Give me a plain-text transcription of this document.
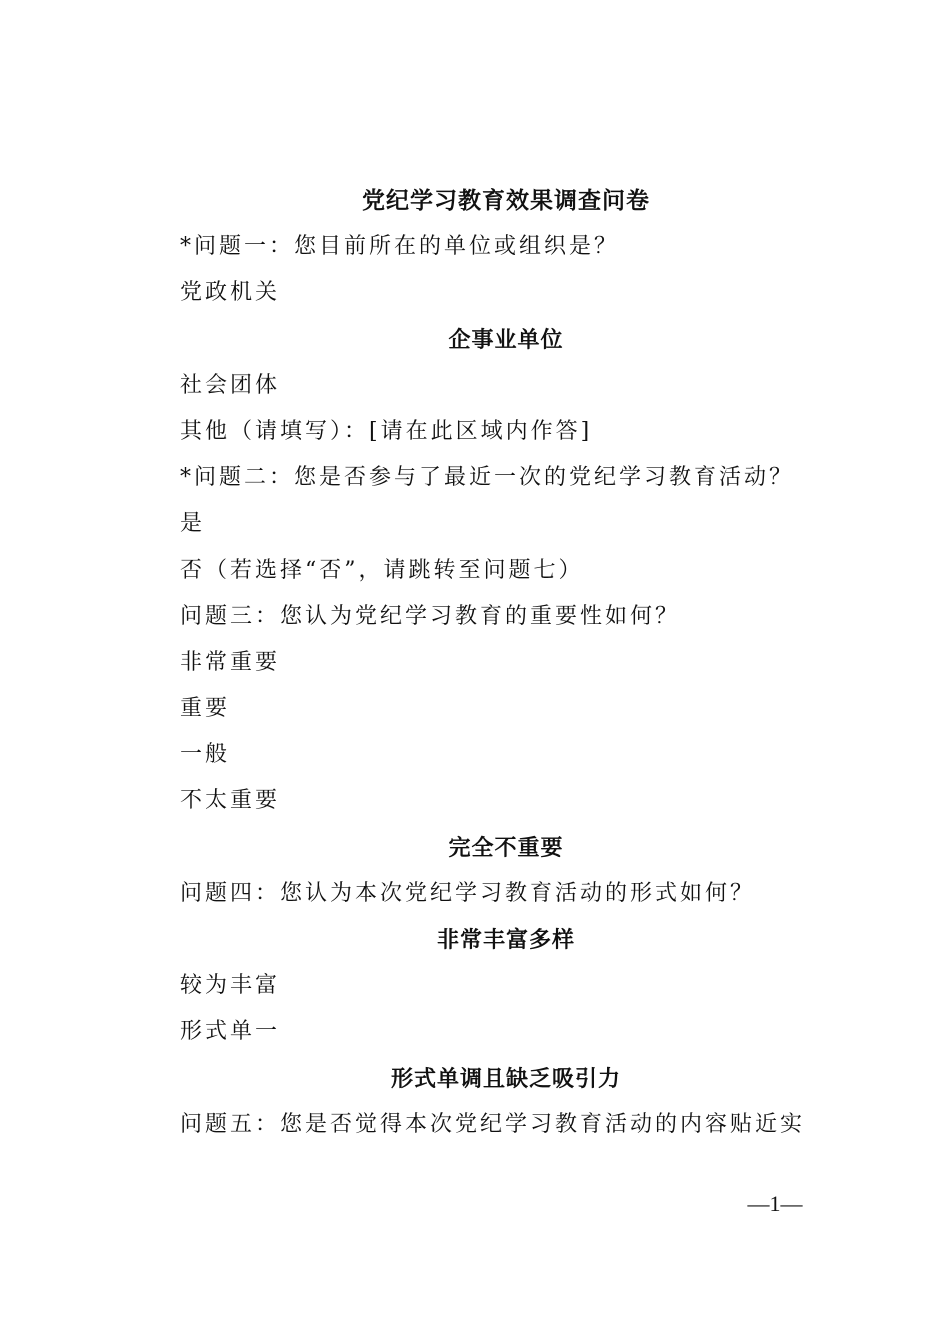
党纪学习教育效果调查问卷
*问题一：您目前所在的单位或组织是？
党政机关
企事业单位
社会团体
其他（请填写）：[请在此区域内作答]
*问题二：您是否参与了最近一次的党纪学习教育活动？
是
否（若选择“否”，请跳转至问题七）
问题三：您认为党纪学习教育的重要性如何？
非常重要
重要
一般
不太重要
完全不重要
问题四：您认为本次党纪学习教育活动的形式如何？
非常丰富多样
较为丰富
形式单一
形式单调且缺乏吸引力
问题五：您是否觉得本次党纪学习教育活动的内容贴近实
—1—
